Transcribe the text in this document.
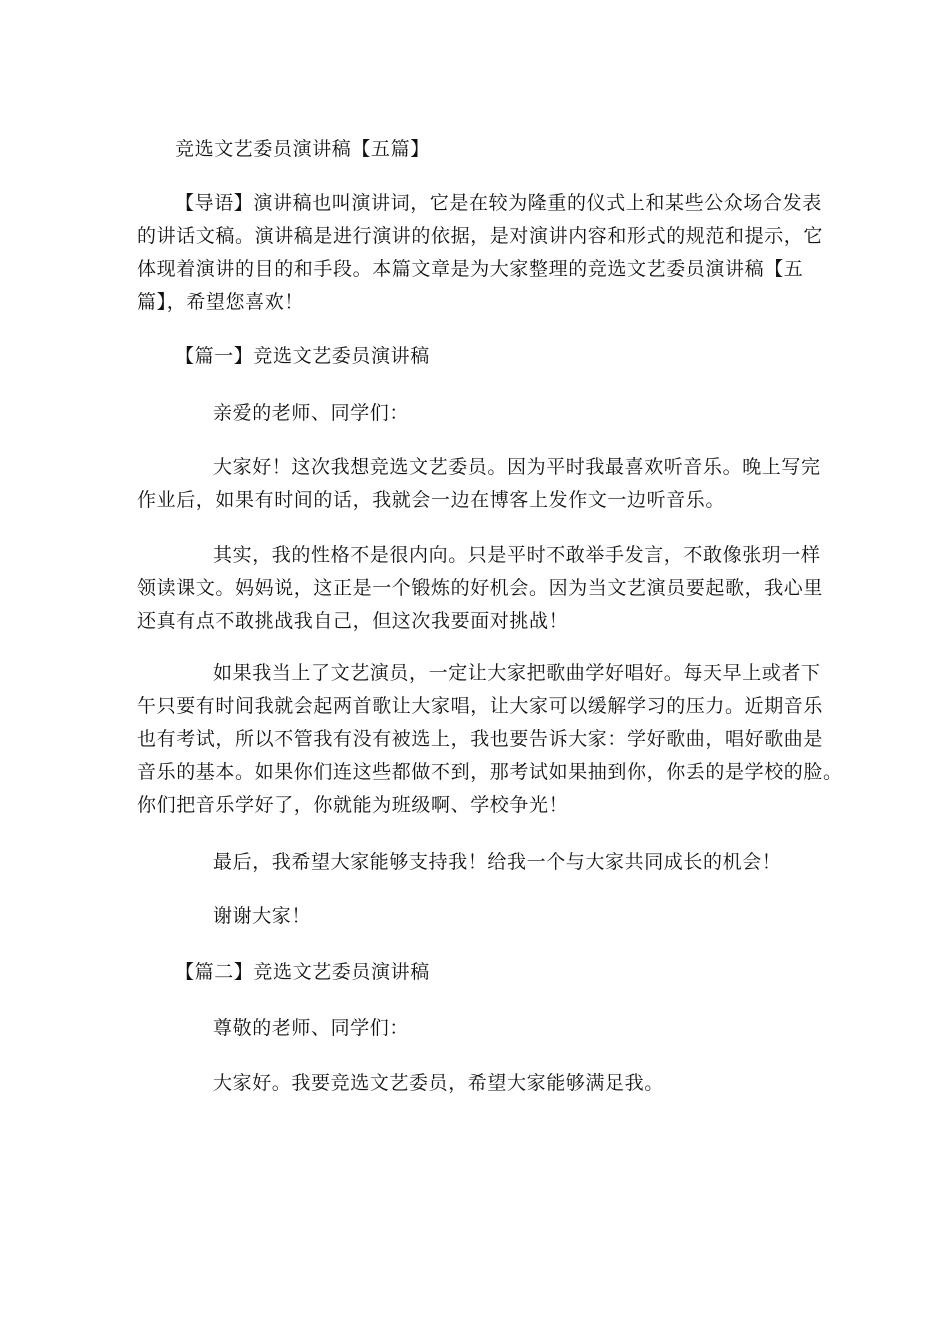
竞选文艺委员演讲稿【五篇】

【导语】演讲稿也叫演讲词，它是在较为隆重的仪式上和某些公众场合发表
的讲话文稿。演讲稿是进行演讲的依据，是对演讲内容和形式的规范和提示，它
体现着演讲的目的和手段。本篇文章是为大家整理的竞选文艺委员演讲稿【五
篇】，希望您喜欢！

【篇一】竞选文艺委员演讲稿

亲爱的老师、同学们：

大家好！这次我想竞选文艺委员。因为平时我最喜欢听音乐。晚上写完
作业后，如果有时间的话，我就会一边在博客上发作文一边听音乐。

其实，我的性格不是很内向。只是平时不敢举手发言，不敢像张玥一样
领读课文。妈妈说，这正是一个锻炼的好机会。因为当文艺演员要起歌，我心里
还真有点不敢挑战我自己，但这次我要面对挑战！

如果我当上了文艺演员，一定让大家把歌曲学好唱好。每天早上或者下
午只要有时间我就会起两首歌让大家唱，让大家可以缓解学习的压力。近期音乐
也有考试，所以不管我有没有被选上，我也要告诉大家：学好歌曲，唱好歌曲是
音乐的基本。如果你们连这些都做不到，那考试如果抽到你，你丢的是学校的脸。
你们把音乐学好了，你就能为班级啊、学校争光！

最后，我希望大家能够支持我！给我一个与大家共同成长的机会！

谢谢大家！

【篇二】竞选文艺委员演讲稿

尊敬的老师、同学们：

大家好。我要竞选文艺委员，希望大家能够满足我。
